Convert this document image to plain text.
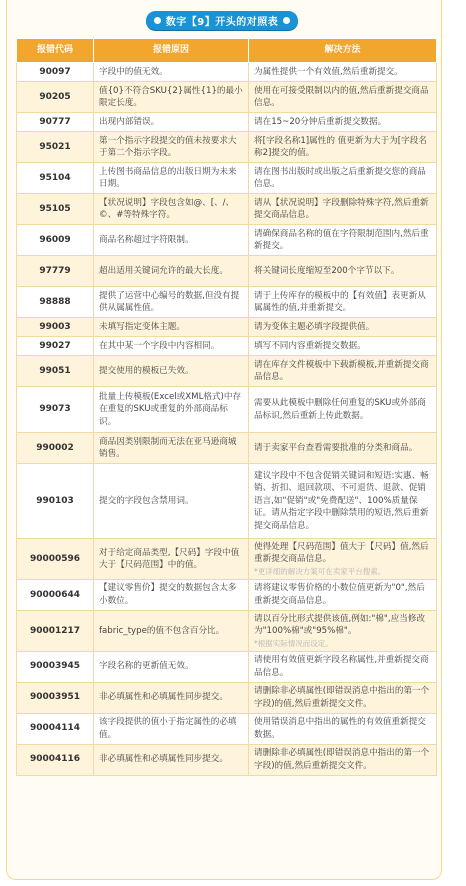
数字【9】开头的对照表
报错代码	报错原因	解决方法
90097	字段中的值无效。	为属性提供一个有效值,然后重新提交。
90205	值{0}不符合SKU{2}属性{1}的最小限定长度。	使用在可接受限制以内的值,然后重新提交商品信息。
90777	出现内部错误。	请在15~20分钟后重新提交数据。
95021	第一个指示字段提交的值未按要求大于第二个指示字段。	将[字段名称1]属性的 值更新为大于为[字段名称2]提交的值。
95104	上传图书商品信息的出版日期为未来日期。	请在图书出版时或出版之后重新提交您的商品信息。
95105	【状况说明】字段包含如@、[、/、©、#等特殊字符。	请从【状况说明】字段删除特殊字符,然后重新提交商品信息。
96009	商品名称超过字符限制。	请确保商品名称的值在字符限制范围内,然后重新提交。
97779	超出适用关键词允许的最大长度。	将关键词长度缩短至200个字节以下。
98888	提供了运营中心编号的数据,但没有提供从属属性值。	请于上传库存的模板中的【有效值】表更新从属属性的值,并重新提交。
99003	未填写指定变体主题。	请为变体主题必填字段提供值。
99027	在其中某一个字段中内容相同。	填写不同内容重新提交数据。
99051	提交使用的模板已失效。	请在库存文件模板中下载新模板,并重新提交商品信息。
99073	批量上传模板(Excel或XML格式)中存在重复的SKU或重复的外部商品标识。	需要从此模板中删除任何重复的SKU或外部商品标识,然后重新上传此数据。
990002	商品因类别限制而无法在亚马逊商城销售。	请于卖家平台查看需要批准的分类和商品。
990103	提交的字段包含禁用词。	建议字段中不包含促销关键词和短语:实惠、畅销、折扣、退回款项、不可退货、退款、促销语言,如"促销"或"免费配送"、100%质量保证。请从指定字段中删除禁用的短语,然后重新提交商品信息。
90000596	对于给定商品类型,【尺码】字段中值大于【尺码范围】中的值。	使得处理【尺码范围】值大于【尺码】值,然后重新提交商品信息。
*更详细的解决方案可在卖家平台搜索。

90000644	【建议零售价】提交的数据包含太多小数位。	请将建议零售价格的小数位值更新为"0",然后重新提交商品信息。
90001217	fabric_type的值不包含百分比。	请以百分比形式提供该值,例如:"棉",应当修改为"100%棉"或"95%棉"。
*根据实际情况而设定。

90003945	字段名称的更新值无效。	请使用有效值更新字段名称属性,并重新提交商品信息。
90003951	非必填属性和必填属性同步提交。	请删除非必填属性(即错误消息中指出的第一个字段)的值,然后重新提交文件。
90004114	该字段提供的值小于指定属性的必填值。	使用错误消息中指出的属性的有效值重新提交数据。
90004116	非必填属性和必填属性同步提交。	请删除非必填属性(即错误消息中指出的第一个字段)的值,然后重新提交文件。
